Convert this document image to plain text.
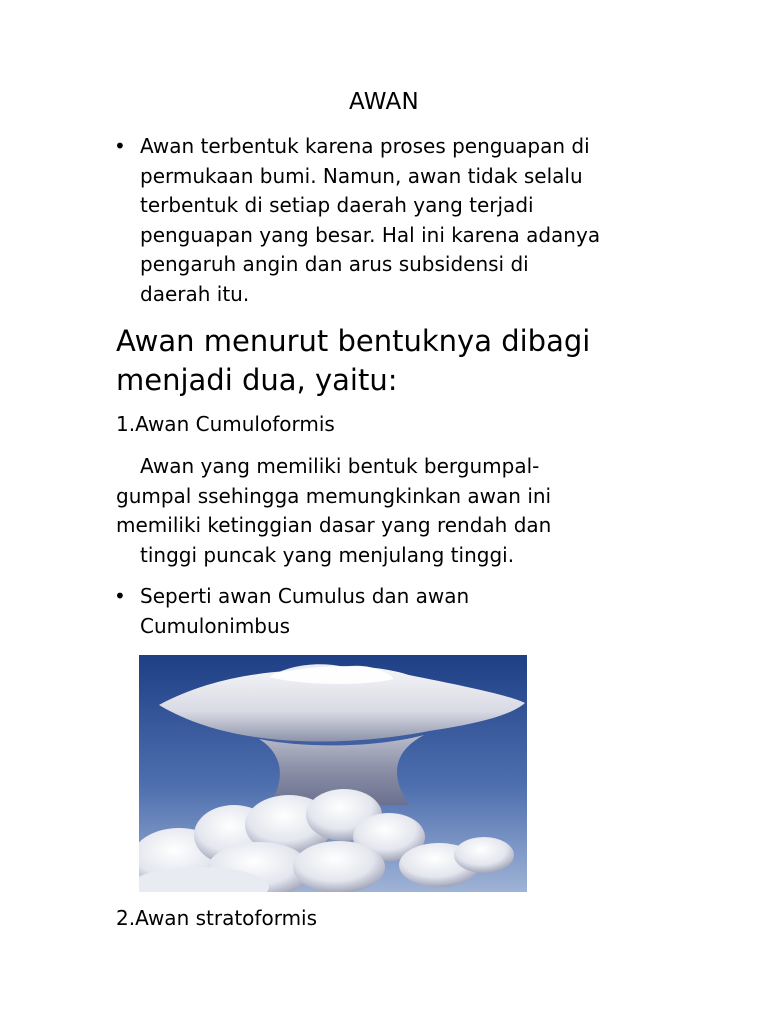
AWAN
• Awan terbentuk karena proses penguapan di
permukaan bumi. Namun, awan tidak selalu
terbentuk di setiap daerah yang terjadi
penguapan yang besar. Hal ini karena adanya
pengaruh angin dan arus subsidensi di
daerah itu.
Awan menurut bentuknya dibagi
menjadi dua, yaitu:
1.Awan Cumuloformis
Awan yang memiliki bentuk bergumpal-
gumpal ssehingga memungkinkan awan ini
memiliki ketinggian dasar yang rendah dan
tinggi puncak yang menjulang tinggi.
• Seperti awan Cumulus dan awan
Cumulonimbus
2.Awan stratoformis
